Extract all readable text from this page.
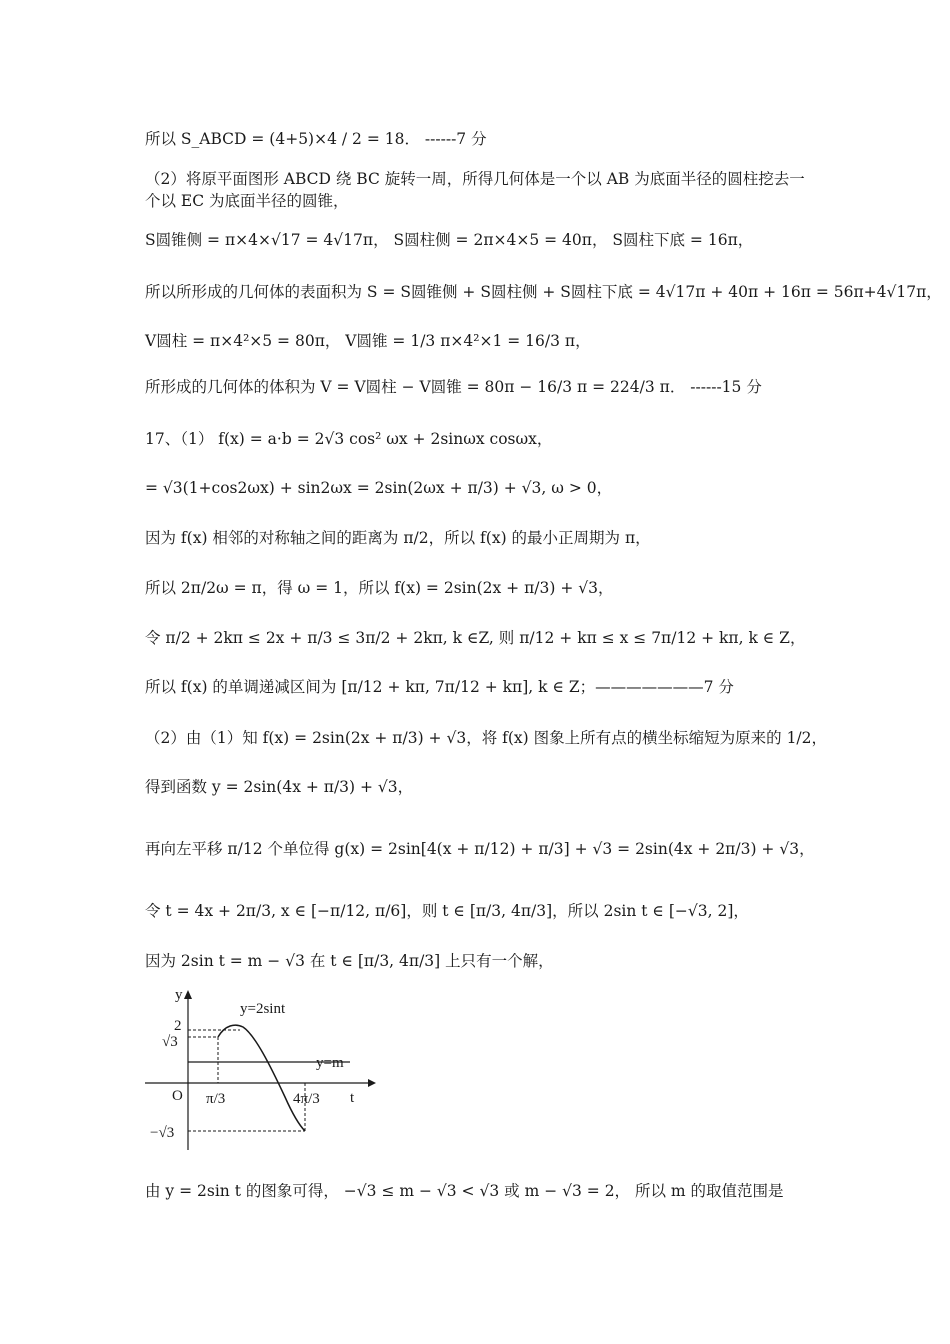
所以 S_ABCD = (4+5)×4 / 2 = 18． ------7 分
（2）将原平面图形 ABCD 绕 BC 旋转一周，所得几何体是一个以 AB 为底面半径的圆柱挖去一个以 EC 为底面半径的圆锥，
S圆锥侧 = π×4×√17 = 4√17π， S圆柱侧 = 2π×4×5 = 40π， S圆柱下底 = 16π，
所以所形成的几何体的表面积为 S = S圆锥侧 + S圆柱侧 + S圆柱下底 = 4√17π + 40π + 16π = 56π+4√17π，
V圆柱 = π×4²×5 = 80π， V圆锥 = 1/3 π×4²×1 = 16/3 π，
所形成的几何体的体积为 V = V圆柱 − V圆锥 = 80π − 16/3 π = 224/3 π． ------15 分
17、（1） f(x) = a·b = 2√3 cos² ωx + 2sinωx cosωx，
= √3(1+cos2ωx) + sin2ωx = 2sin(2ωx + π/3) + √3, ω > 0，
因为 f(x) 相邻的对称轴之间的距离为 π/2，所以 f(x) 的最小正周期为 π，
所以 2π/2ω = π，得 ω = 1，所以 f(x) = 2sin(2x + π/3) + √3，
令 π/2 + 2kπ ≤ 2x + π/3 ≤ 3π/2 + 2kπ, k ∈Z, 则 π/12 + kπ ≤ x ≤ 7π/12 + kπ, k ∈ Z，
所以 f(x) 的单调递减区间为 [π/12 + kπ, 7π/12 + kπ], k ∈ Z；———————7 分
（2）由（1）知 f(x) = 2sin(2x + π/3) + √3，将 f(x) 图象上所有点的横坐标缩短为原来的 1/2，
得到函数 y = 2sin(4x + π/3) + √3，
再向左平移 π/12 个单位得 g(x) = 2sin[4(x + π/12) + π/3] + √3 = 2sin(4x + 2π/3) + √3，
令 t = 4x + 2π/3, x ∈ [−π/12, π/6]，则 t ∈ [π/3, 4π/3]，所以 2sin t ∈ [−√3, 2]，
因为 2sin t = m − √3 在 t ∈ [π/3, 4π/3] 上只有一个解，
y
t
O
y=2sint
y=m
2
√3
−√3
π/3	4π/3
由 y = 2sin t 的图象可得， −√3 ≤ m − √3 < √3 或 m − √3 = 2， 所以 m 的取值范围是
